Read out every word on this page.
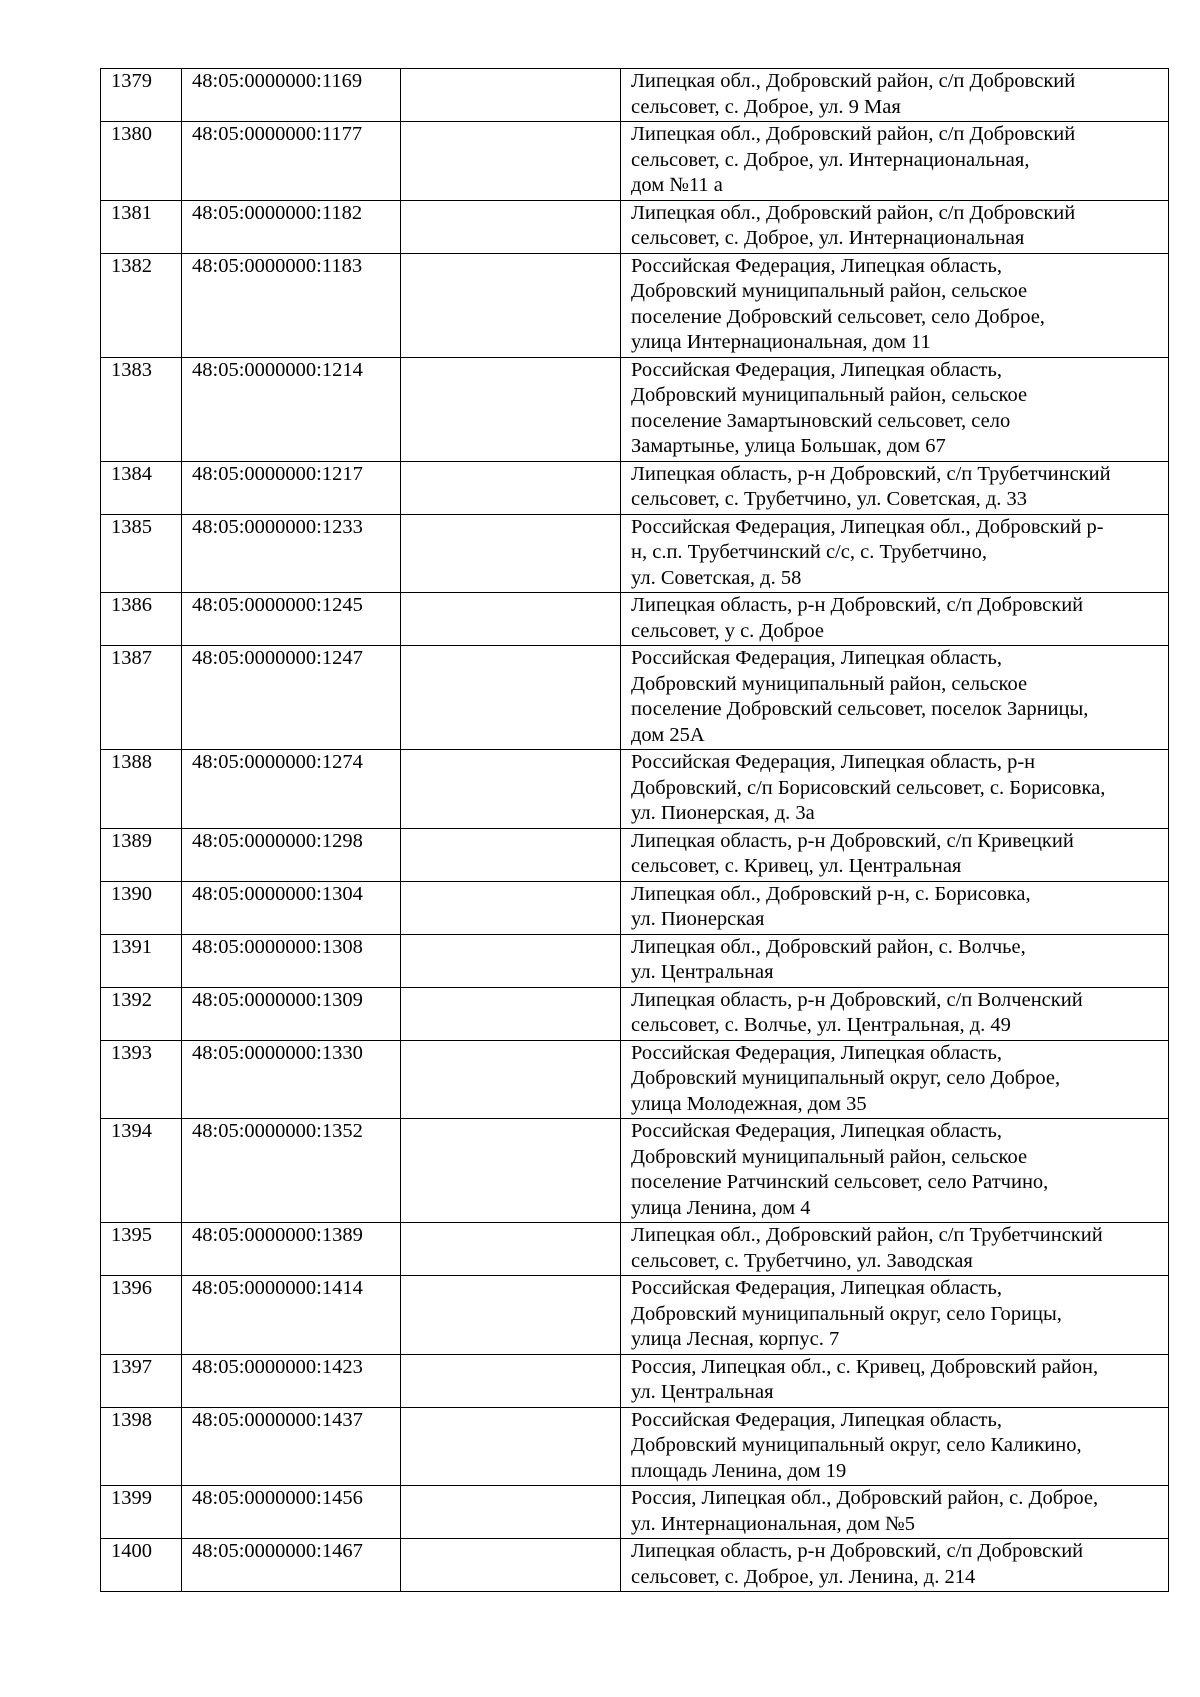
1379	48:05:0000000:1169		Липецкая обл., Добровский район, с/п Добровский
сельсовет, с. Доброе, ул. 9 Мая
1380	48:05:0000000:1177		Липецкая обл., Добровский район, с/п Добровский
сельсовет, с. Доброе, ул. Интернациональная,
дом №11 а
1381	48:05:0000000:1182		Липецкая обл., Добровский район, с/п Добровский
сельсовет, с. Доброе, ул. Интернациональная
1382	48:05:0000000:1183		Российская Федерация, Липецкая область,
Добровский муниципальный район, сельское
поселение Добровский сельсовет, село Доброе,
улица Интернациональная, дом 11
1383	48:05:0000000:1214		Российская Федерация, Липецкая область,
Добровский муниципальный район, сельское
поселение Замартыновский сельсовет, село
Замартынье, улица Большак, дом 67
1384	48:05:0000000:1217		Липецкая область, р-н Добровский, с/п Трубетчинский
сельсовет, с. Трубетчино, ул. Советская, д. 33
1385	48:05:0000000:1233		Российская Федерация, Липецкая обл., Добровский р-
н, с.п. Трубетчинский с/с, с. Трубетчино,
ул. Советская, д. 58
1386	48:05:0000000:1245		Липецкая область, р-н Добровский, с/п Добровский
сельсовет, у с. Доброе
1387	48:05:0000000:1247		Российская Федерация, Липецкая область,
Добровский муниципальный район, сельское
поселение Добровский сельсовет, поселок Зарницы,
дом 25А
1388	48:05:0000000:1274		Российская Федерация, Липецкая область, р-н
Добровский, с/п Борисовский сельсовет, с. Борисовка,
ул. Пионерская, д. 3а
1389	48:05:0000000:1298		Липецкая область, р-н Добровский, с/п Кривецкий
сельсовет, с. Кривец, ул. Центральная
1390	48:05:0000000:1304		Липецкая обл., Добровский р-н, с. Борисовка,
ул. Пионерская
1391	48:05:0000000:1308		Липецкая обл., Добровский район, с. Волчье,
ул. Центральная
1392	48:05:0000000:1309		Липецкая область, р-н Добровский, с/п Волченский
сельсовет, с. Волчье, ул. Центральная, д. 49
1393	48:05:0000000:1330		Российская Федерация, Липецкая область,
Добровский муниципальный округ, село Доброе,
улица Молодежная, дом 35
1394	48:05:0000000:1352		Российская Федерация, Липецкая область,
Добровский муниципальный район, сельское
поселение Ратчинский сельсовет, село Ратчино,
улица Ленина, дом 4
1395	48:05:0000000:1389		Липецкая обл., Добровский район, с/п Трубетчинский
сельсовет, с. Трубетчино, ул. Заводская
1396	48:05:0000000:1414		Российская Федерация, Липецкая область,
Добровский муниципальный округ, село Горицы,
улица Лесная, корпус. 7
1397	48:05:0000000:1423		Россия, Липецкая обл., с. Кривец, Добровский район,
ул. Центральная
1398	48:05:0000000:1437		Российская Федерация, Липецкая область,
Добровский муниципальный округ, село Каликино,
площадь Ленина, дом 19
1399	48:05:0000000:1456		Россия, Липецкая обл., Добровский район, с. Доброе,
ул. Интернациональная, дом №5
1400	48:05:0000000:1467		Липецкая область, р-н Добровский, с/п Добровский
сельсовет, с. Доброе, ул. Ленина, д. 214
